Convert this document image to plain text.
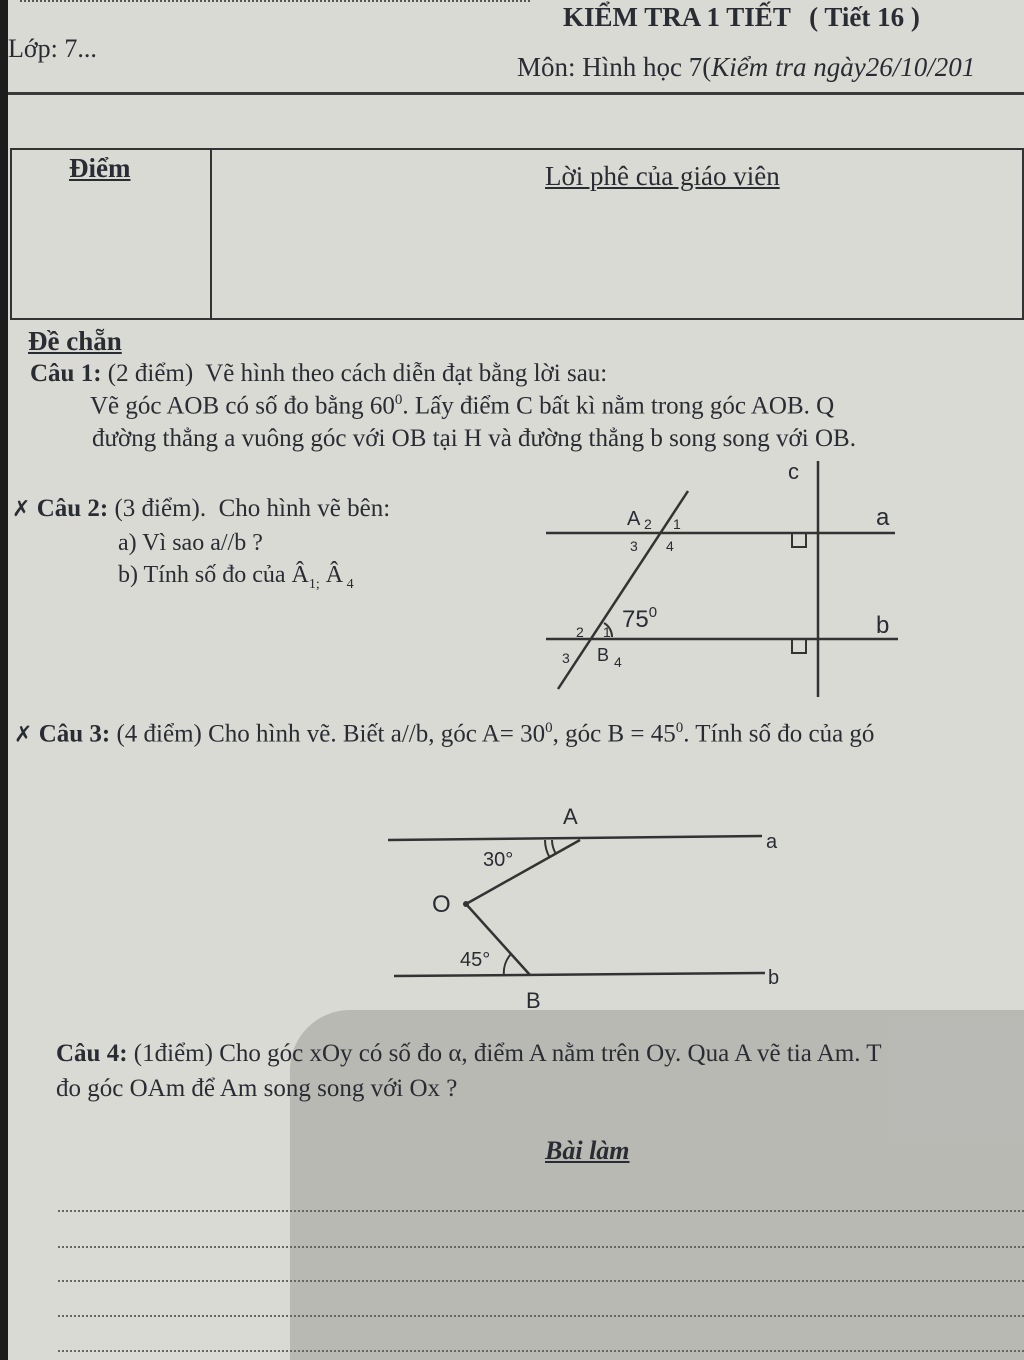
KIỂM TRA 1 TIẾT ( Tiết 16 )
Lớp: 7...
Môn: Hình học 7(Kiểm tra ngày26/10/201
Điểm	Lời phê của giáo viên
Đề chẵn
Câu 1: (2 điểm) Vẽ hình theo cách diễn đạt bằng lời sau:
Vẽ góc AOB có số đo bằng $60^0$. Lấy điểm C bất kì nằm trong góc AOB. Q
đường thẳng a vuông góc với OB tại H và đường thẳng b song song với OB.
✗ Câu 2: (3 điểm). Cho hình vẽ bên:
a) Vì sao a//b ?
b) Tính số đo của $Â_{1;}$ Â $_4$
c
a
b
A 2 1
3 4
$75^0$
2 1
3 B 4
✗ Câu 3: (4 điểm) Cho hình vẽ. Biết a//b, góc $A= 30^0$, góc $B = 45^0$. Tính số đo của gó
A
a
30°
O
45°
b
B
Câu 4: (1điểm) Cho góc xOy có số đo α, điểm A nằm trên Oy. Qua A vẽ tia Am. T
đo góc OAm để Am song song với Ox ?
Bài làm
